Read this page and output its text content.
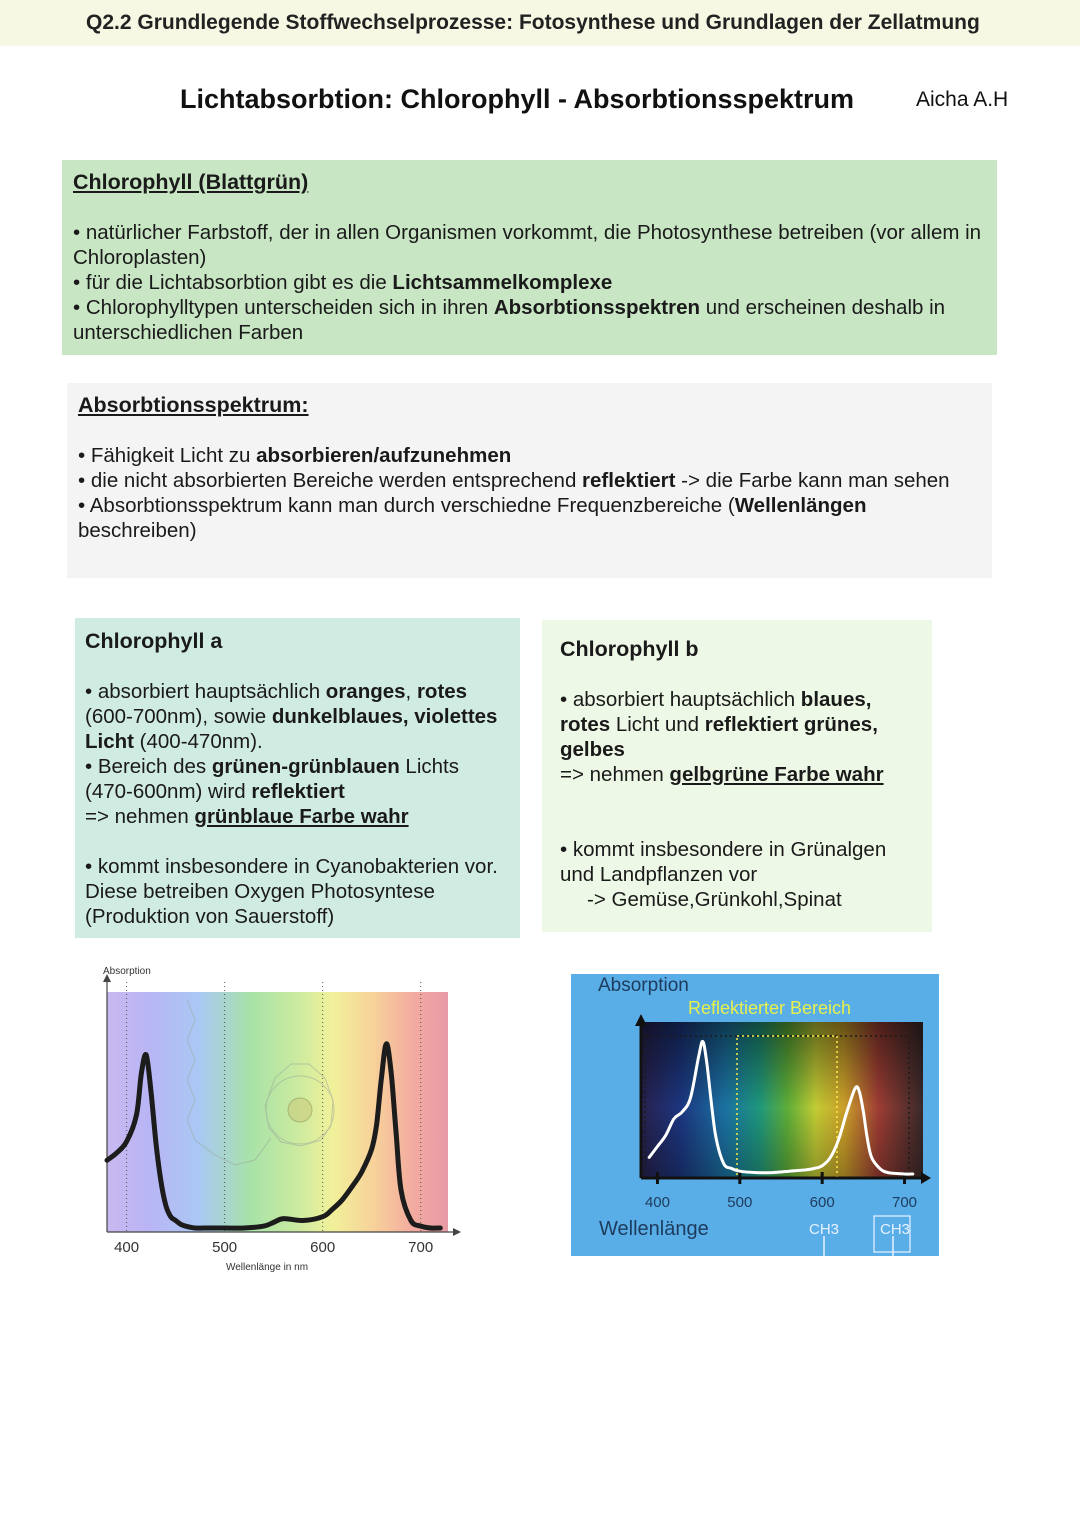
Q2.2 Grundlegende Stoffwechselprozesse: Fotosynthese und Grundlagen der Zellatmung
Lichtabsorbtion: Chlorophyll - Absorbtionsspektrum	Aicha A.H
Chlorophyll (Blattgrün)

• natürlicher Farbstoff, der in allen Organismen vorkommt, die Photosynthese betreiben (vor allem in Chloroplasten)

• für die Lichtabsorbtion gibt es die Lichtsammelkomplexe

• Chlorophylltypen unterscheiden sich in ihren Absorbtionsspektren und erscheinen deshalb in unterschiedlichen Farben

Absorbtionsspektrum:

• Fähigkeit Licht zu absorbieren/aufzunehmen

• die nicht absorbierten Bereiche werden entsprechend reflektiert -> die Farbe kann man sehen

• Absorbtionsspektrum kann man durch verschiedne Frequenzbereiche (Wellenlängen beschreiben)

Chlorophyll a

• absorbiert hauptsächlich oranges, rotes (600-700nm), sowie dunkelblaues, violettes Licht (400-470nm).

• Bereich des grünen-grünblauen Lichts (470-600nm) wird reflektiert

=> nehmen grünblaue Farbe wahr

• kommt insbesondere in Cyanobakterien vor. Diese betreiben Oxygen Photosyntese (Produktion von Sauerstoff)

Chlorophyll b

• absorbiert hauptsächlich blaues, rotes Licht und reflektiert grünes, gelbes

=> nehmen gelbgrüne Farbe wahr

• kommt insbesondere in Grünalgen und Landpflanzen vor

-> Gemüse,Grünkohl,Spinat

Absorption
400	500	600	700
Wellenlänge in nm
Absorption
Reflektierter Bereich
400	500	600	700
Wellenlänge	CH3	CH3
